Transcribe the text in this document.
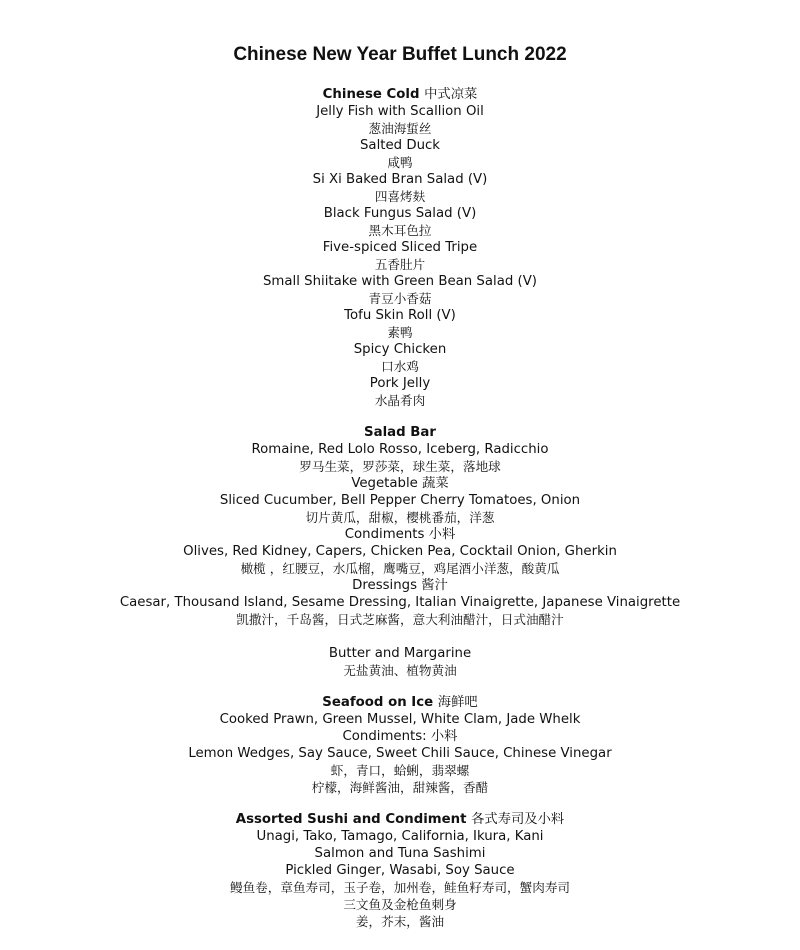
Chinese New Year Buffet Lunch 2022
Chinese Cold 中式凉菜
Jelly Fish with Scallion Oil
葱油海蜇丝
Salted Duck
咸鸭
Si Xi Baked Bran Salad (V)
四喜烤麸
Black Fungus Salad (V)
黑木耳色拉
Five-spiced Sliced Tripe
五香肚片
Small Shiitake with Green Bean Salad (V)
青豆小香菇
Tofu Skin Roll (V)
素鸭
Spicy Chicken
口水鸡
Pork Jelly
水晶肴肉
Salad Bar
Romaine, Red Lolo Rosso, Iceberg, Radicchio
罗马生菜，罗莎菜，球生菜，落地球
Vegetable 蔬菜
Sliced Cucumber, Bell Pepper Cherry Tomatoes, Onion
切片黄瓜，甜椒，樱桃番茄，洋葱
Condiments 小料
Olives, Red Kidney, Capers, Chicken Pea, Cocktail Onion, Gherkin
橄榄 ，红腰豆，水瓜榴，鹰嘴豆，鸡尾酒小洋葱，酸黄瓜
Dressings 酱汁
Caesar, Thousand Island, Sesame Dressing, Italian Vinaigrette, Japanese Vinaigrette
凯撒汁，千岛酱，日式芝麻酱，意大利油醋汁，日式油醋汁
Butter and Margarine
无盐黄油、植物黄油
Seafood on Ice 海鲜吧
Cooked Prawn, Green Mussel, White Clam, Jade Whelk
Condiments: 小料
Lemon Wedges, Say Sauce, Sweet Chili Sauce, Chinese Vinegar
虾，青口，蛤蜊，翡翠螺
柠檬，海鲜酱油，甜辣酱，香醋
Assorted Sushi and Condiment 各式寿司及小料
Unagi, Tako, Tamago, California, Ikura, Kani
Salmon and Tuna Sashimi
Pickled Ginger, Wasabi, Soy Sauce
鳗鱼卷，章鱼寿司，玉子卷，加州卷，鲑鱼籽寿司，蟹肉寿司
三文鱼及金枪鱼刺身
姜，芥末，酱油
